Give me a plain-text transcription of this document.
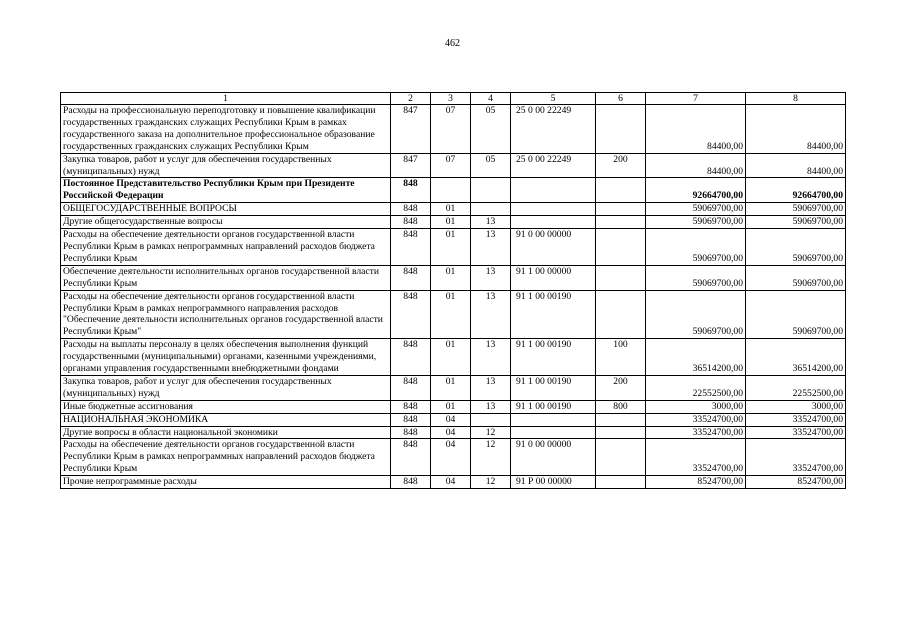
462
1	2	3	4	5	6	7	8
Расходы на профессиональную переподготовку и повышение квалификации государственных гражданских служащих Республики Крым в рамках государственного заказа на дополнительное профессиональное образование государственных гражданских служащих Республики Крым	847	07	05	25 0 00 22249		84400,00	84400,00
Закупка товаров, работ и услуг для обеспечения государственных (муниципальных) нужд	847	07	05	25 0 00 22249	200	84400,00	84400,00
Постоянное Представительство Республики Крым при Президенте Российской Федерации	848					92664700,00	92664700,00
ОБЩЕГОСУДАРСТВЕННЫЕ ВОПРОСЫ	848	01				59069700,00	59069700,00
Другие общегосударственные вопросы	848	01	13			59069700,00	59069700,00
Расходы на обеспечение деятельности органов государственной власти Республики Крым в рамках непрограммных направлений расходов бюджета Республики Крым	848	01	13	91 0 00 00000		59069700,00	59069700,00
Обеспечение деятельности исполнительных органов государственной власти Республики Крым	848	01	13	91 1 00 00000		59069700,00	59069700,00
Расходы на обеспечение деятельности органов государственной власти Республики Крым в рамках непрограммного направления расходов "Обеспечение деятельности исполнительных органов государственной власти Республики Крым"	848	01	13	91 1 00 00190		59069700,00	59069700,00
Расходы на выплаты персоналу в целях обеспечения выполнения функций государственными (муниципальными) органами, казенными учреждениями, органами управления государственными внебюджетными фондами	848	01	13	91 1 00 00190	100	36514200,00	36514200,00
Закупка товаров, работ и услуг для обеспечения государственных (муниципальных) нужд	848	01	13	91 1 00 00190	200	22552500,00	22552500,00
Иные бюджетные ассигнования	848	01	13	91 1 00 00190	800	3000,00	3000,00
НАЦИОНАЛЬНАЯ ЭКОНОМИКА	848	04				33524700,00	33524700,00
Другие вопросы в области национальной экономики	848	04	12			33524700,00	33524700,00
Расходы на обеспечение деятельности органов государственной власти Республики Крым в рамках непрограммных направлений расходов бюджета Республики Крым	848	04	12	91 0 00 00000		33524700,00	33524700,00
Прочие непрограммные расходы	848	04	12	91 Р 00 00000		8524700,00	8524700,00
